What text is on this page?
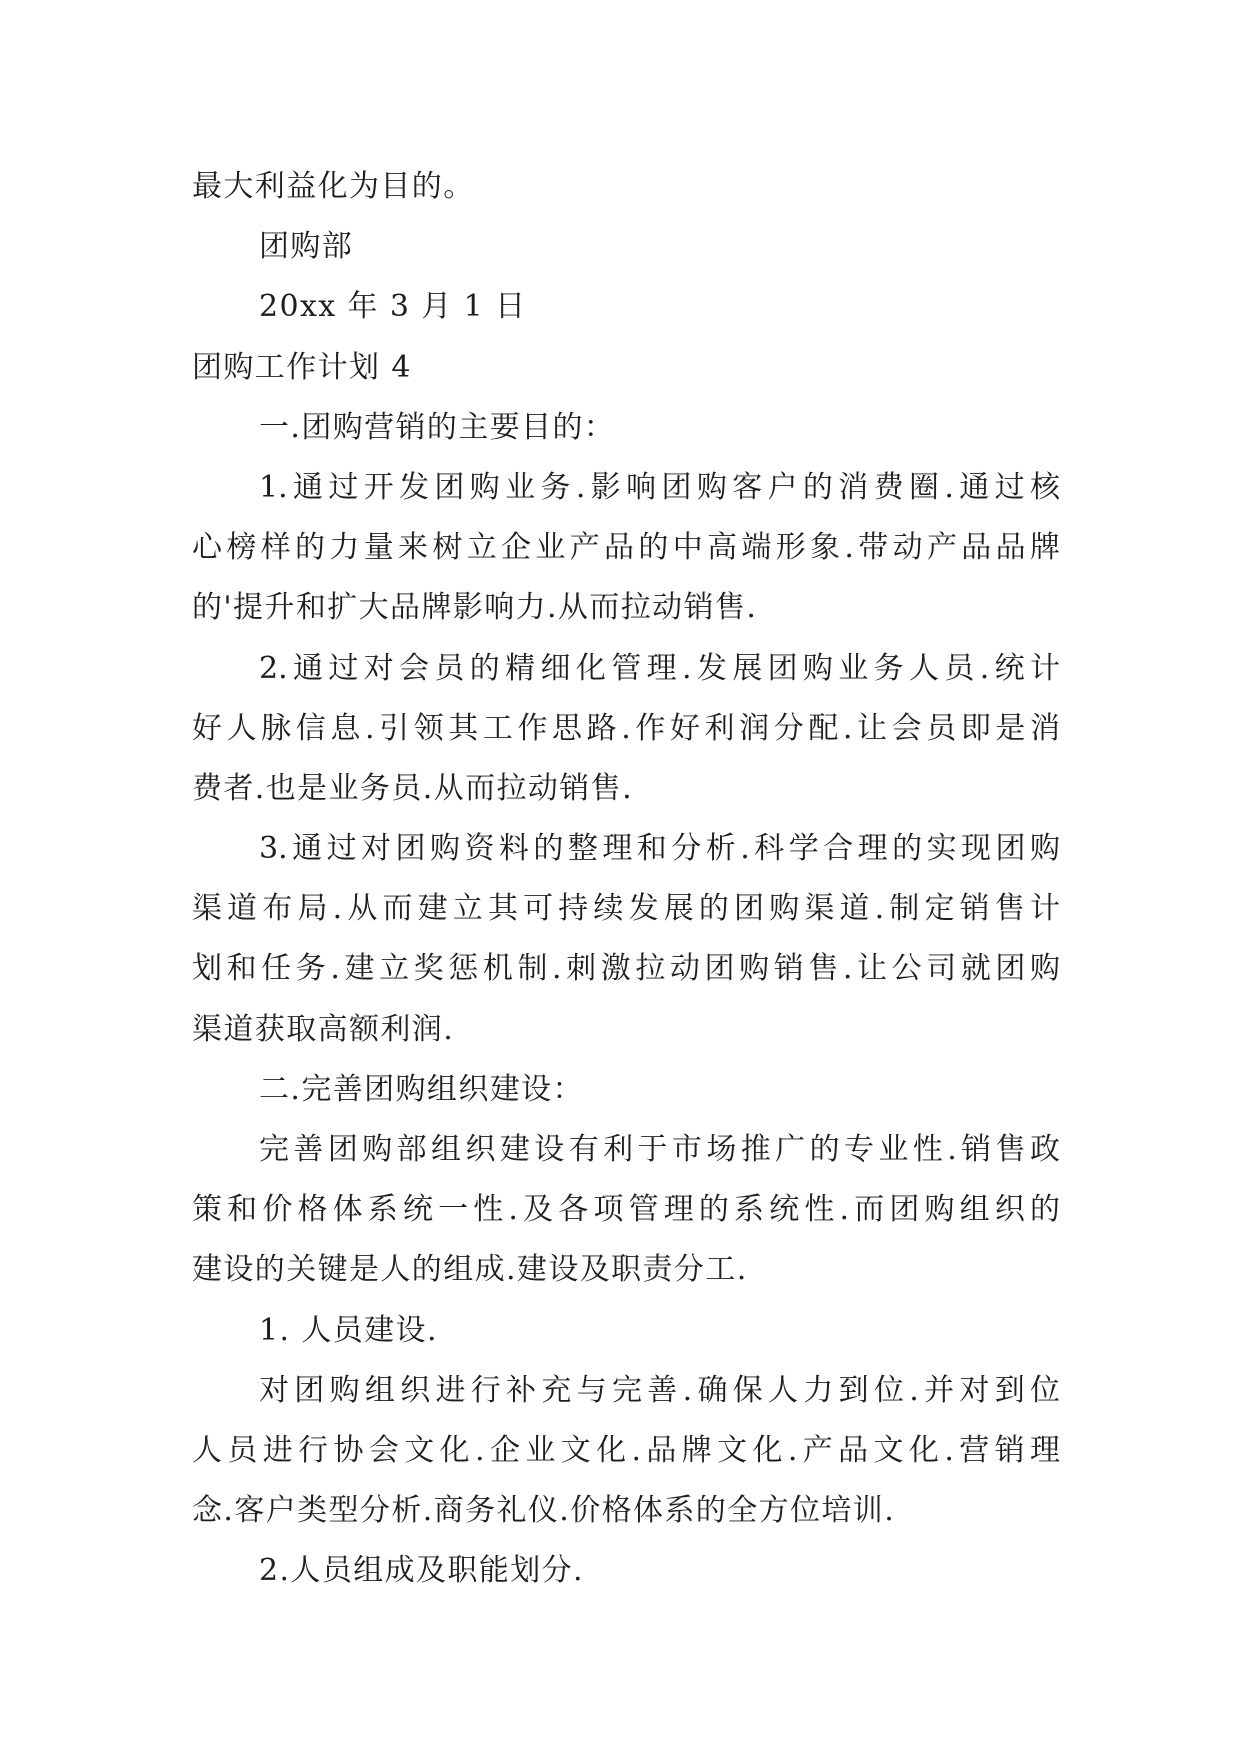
最大利益化为目的。
团购部
20xx 年 3 月 1 日
团购工作计划 4
一.团购营销的主要目的：
1.通过开发团购业务.影响团购客户的消费圈.通过核
心榜样的力量来树立企业产品的中高端形象.带动产品品牌
的'提升和扩大品牌影响力.从而拉动销售.
2.通过对会员的精细化管理.发展团购业务人员.统计
好人脉信息.引领其工作思路.作好利润分配.让会员即是消
费者.也是业务员.从而拉动销售.
3.通过对团购资料的整理和分析.科学合理的实现团购
渠道布局.从而建立其可持续发展的团购渠道.制定销售计
划和任务.建立奖惩机制.刺激拉动团购销售.让公司就团购
渠道获取高额利润.
二.完善团购组织建设：
完善团购部组织建设有利于市场推广的专业性.销售政
策和价格体系统一性.及各项管理的系统性.而团购组织的
建设的关键是人的组成.建设及职责分工.
1. 人员建设.
对团购组织进行补充与完善.确保人力到位.并对到位
人员进行协会文化.企业文化.品牌文化.产品文化.营销理
念.客户类型分析.商务礼仪.价格体系的全方位培训.
2.人员组成及职能划分.
